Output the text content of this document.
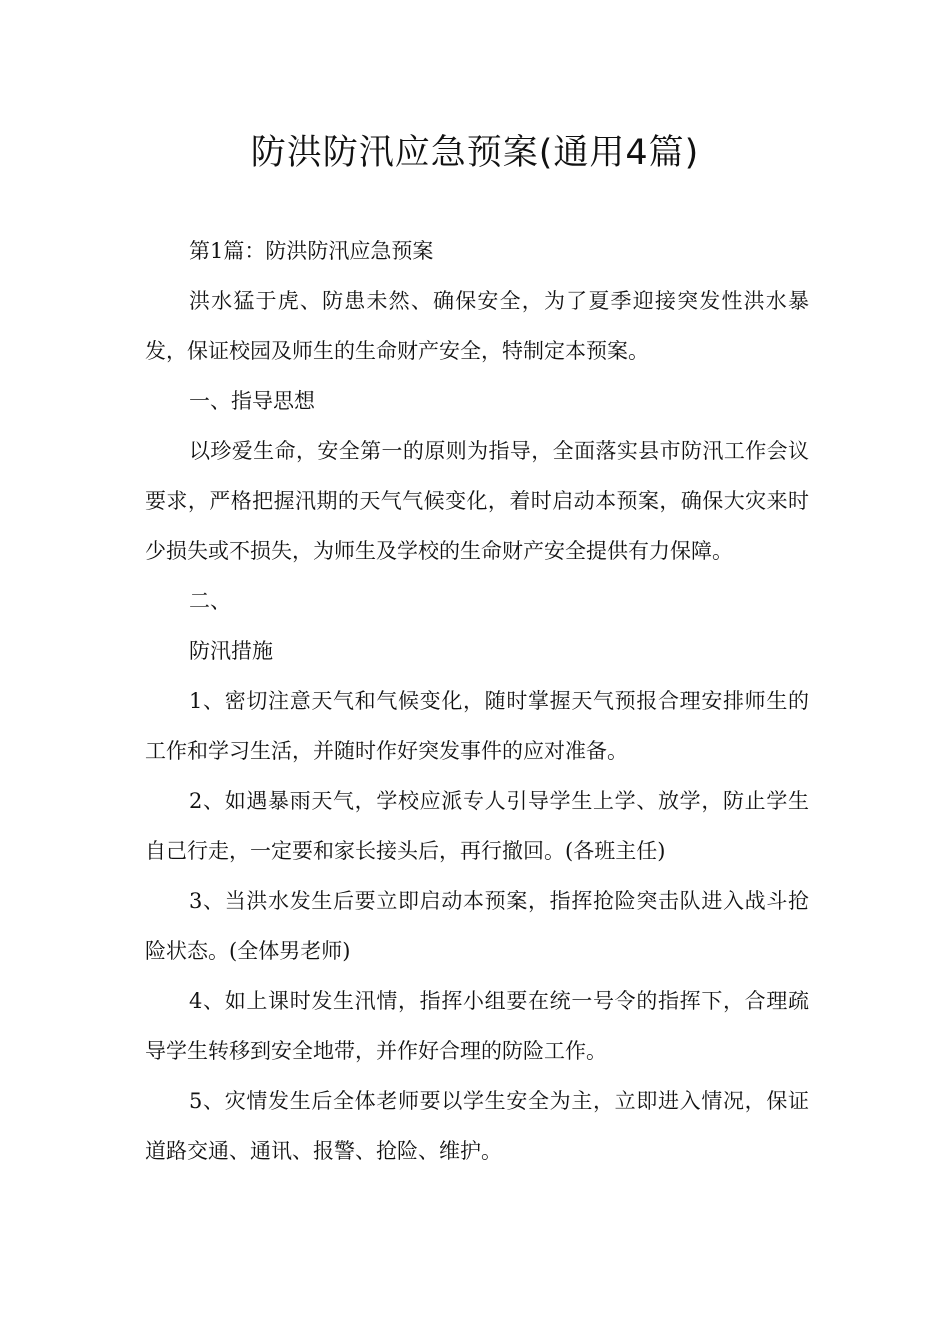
防洪防汛应急预案(通用4篇)

第1篇：防洪防汛应急预案

洪水猛于虎、防患未然、确保安全，为了夏季迎接突发性洪水暴发，保证校园及师生的生命财产安全，特制定本预案。

一、指导思想

以珍爱生命，安全第一的原则为指导，全面落实县市防汛工作会议要求，严格把握汛期的天气气候变化，着时启动本预案，确保大灾来时少损失或不损失，为师生及学校的生命财产安全提供有力保障。

二、

防汛措施

1、密切注意天气和气候变化，随时掌握天气预报合理安排师生的工作和学习生活，并随时作好突发事件的应对准备。

2、如遇暴雨天气，学校应派专人引导学生上学、放学，防止学生自己行走，一定要和家长接头后，再行撤回。(各班主任)

3、当洪水发生后要立即启动本预案，指挥抢险突击队进入战斗抢险状态。(全体男老师)

4、如上课时发生汛情，指挥小组要在统一号令的指挥下，合理疏导学生转移到安全地带，并作好合理的防险工作。

5、灾情发生后全体老师要以学生安全为主，立即进入情况，保证道路交通、通讯、报警、抢险、维护。
